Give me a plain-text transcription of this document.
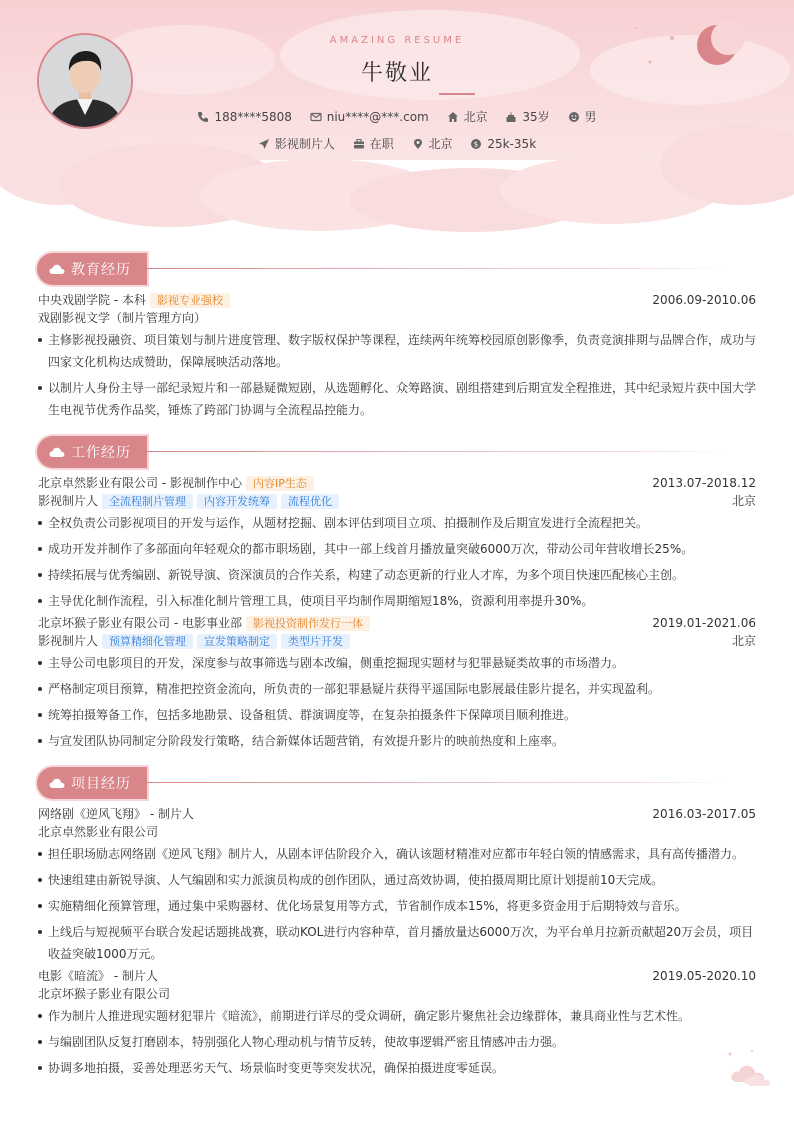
AMAZING RESUME
牛敬业
188****5808	niu****@***.com	北京	35岁	男
影视制片人	在职	北京	$ 25k-35k
教育经历
中央戏剧学院 - 本科 影视专业强校	2006.09-2010.06
戏剧影视文学（制片管理方向）
主修影视投融资、项目策划与制片进度管理、数字版权保护等课程，连续两年统筹校园原创影像季，负责竞演排期与品牌合作，成功与四家文化机构达成赞助，保障展映活动落地。
以制片人身份主导一部纪录短片和一部悬疑微短剧，从选题孵化、众筹路演、剧组搭建到后期宣发全程推进，其中纪录短片获中国大学生电视节优秀作品奖，锤炼了跨部门协调与全流程品控能力。
工作经历
北京卓然影业有限公司 - 影视制作中心 内容IP生态	2013.07-2018.12
影视制片人 全流程制片管理 内容开发统筹 流程优化	北京
全权负责公司影视项目的开发与运作，从题材挖掘、剧本评估到项目立项、拍摄制作及后期宣发进行全流程把关。
成功开发并制作了多部面向年轻观众的都市职场剧，其中一部上线首月播放量突破6000万次，带动公司年营收增长25%。
持续拓展与优秀编剧、新锐导演、资深演员的合作关系，构建了动态更新的行业人才库，为多个项目快速匹配核心主创。
主导优化制作流程，引入标准化制片管理工具，使项目平均制作周期缩短18%，资源利用率提升30%。
北京坏猴子影业有限公司 - 电影事业部 影视投资制作发行一体	2019.01-2021.06
影视制片人 预算精细化管理 宣发策略制定 类型片开发	北京
主导公司电影项目的开发，深度参与故事筛选与剧本改编，侧重挖掘现实题材与犯罪悬疑类故事的市场潜力。
严格制定项目预算，精准把控资金流向，所负责的一部犯罪悬疑片获得平遥国际电影展最佳影片提名，并实现盈利。
统筹拍摄筹备工作，包括多地勘景、设备租赁、群演调度等，在复杂拍摄条件下保障项目顺利推进。
与宣发团队协同制定分阶段发行策略，结合新媒体话题营销，有效提升影片的映前热度和上座率。
项目经历
网络剧《逆风飞翔》 - 制片人	2016.03-2017.05
北京卓然影业有限公司
担任职场励志网络剧《逆风飞翔》制片人，从剧本评估阶段介入，确认该题材精准对应都市年轻白领的情感需求，具有高传播潜力。
快速组建由新锐导演、人气编剧和实力派演员构成的创作团队，通过高效协调，使拍摄周期比原计划提前10天完成。
实施精细化预算管理，通过集中采购器材、优化场景复用等方式，节省制作成本15%，将更多资金用于后期特效与音乐。
上线后与短视频平台联合发起话题挑战赛，联动KOL进行内容种草，首月播放量达6000万次，为平台单月拉新贡献超20万会员，项目收益突破1000万元。
电影《暗流》 - 制片人	2019.05-2020.10
北京坏猴子影业有限公司
作为制片人推进现实题材犯罪片《暗流》，前期进行详尽的受众调研，确定影片聚焦社会边缘群体，兼具商业性与艺术性。
与编剧团队反复打磨剧本，特别强化人物心理动机与情节反转，使故事逻辑严密且情感冲击力强。
协调多地拍摄，妥善处理恶劣天气、场景临时变更等突发状况，确保拍摄进度零延误。
